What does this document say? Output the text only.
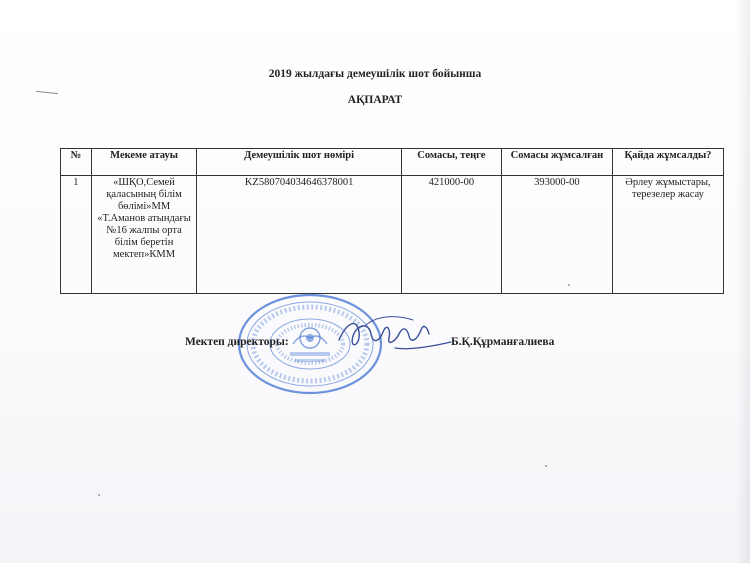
2019 жылдағы демеушілік шот бойынша
АҚПАРАТ
№	Мекеме атауы	Демеушілік шот нөмірі	Сомасы, теңге	Сомасы жұмсалған	Қайда жұмсалды?
1	«ШҚО,Семей қаласының білім бөлімі»ММ «Т.Аманов атындағы №16 жалпы орта білім беретін мектеп»КММ	KZ580704034646378001	421000-00	393000-00	Әрлеу жұмыстары, терезелер жасау
Мектеп директоры:	Б.Қ.Құрманғалиева
